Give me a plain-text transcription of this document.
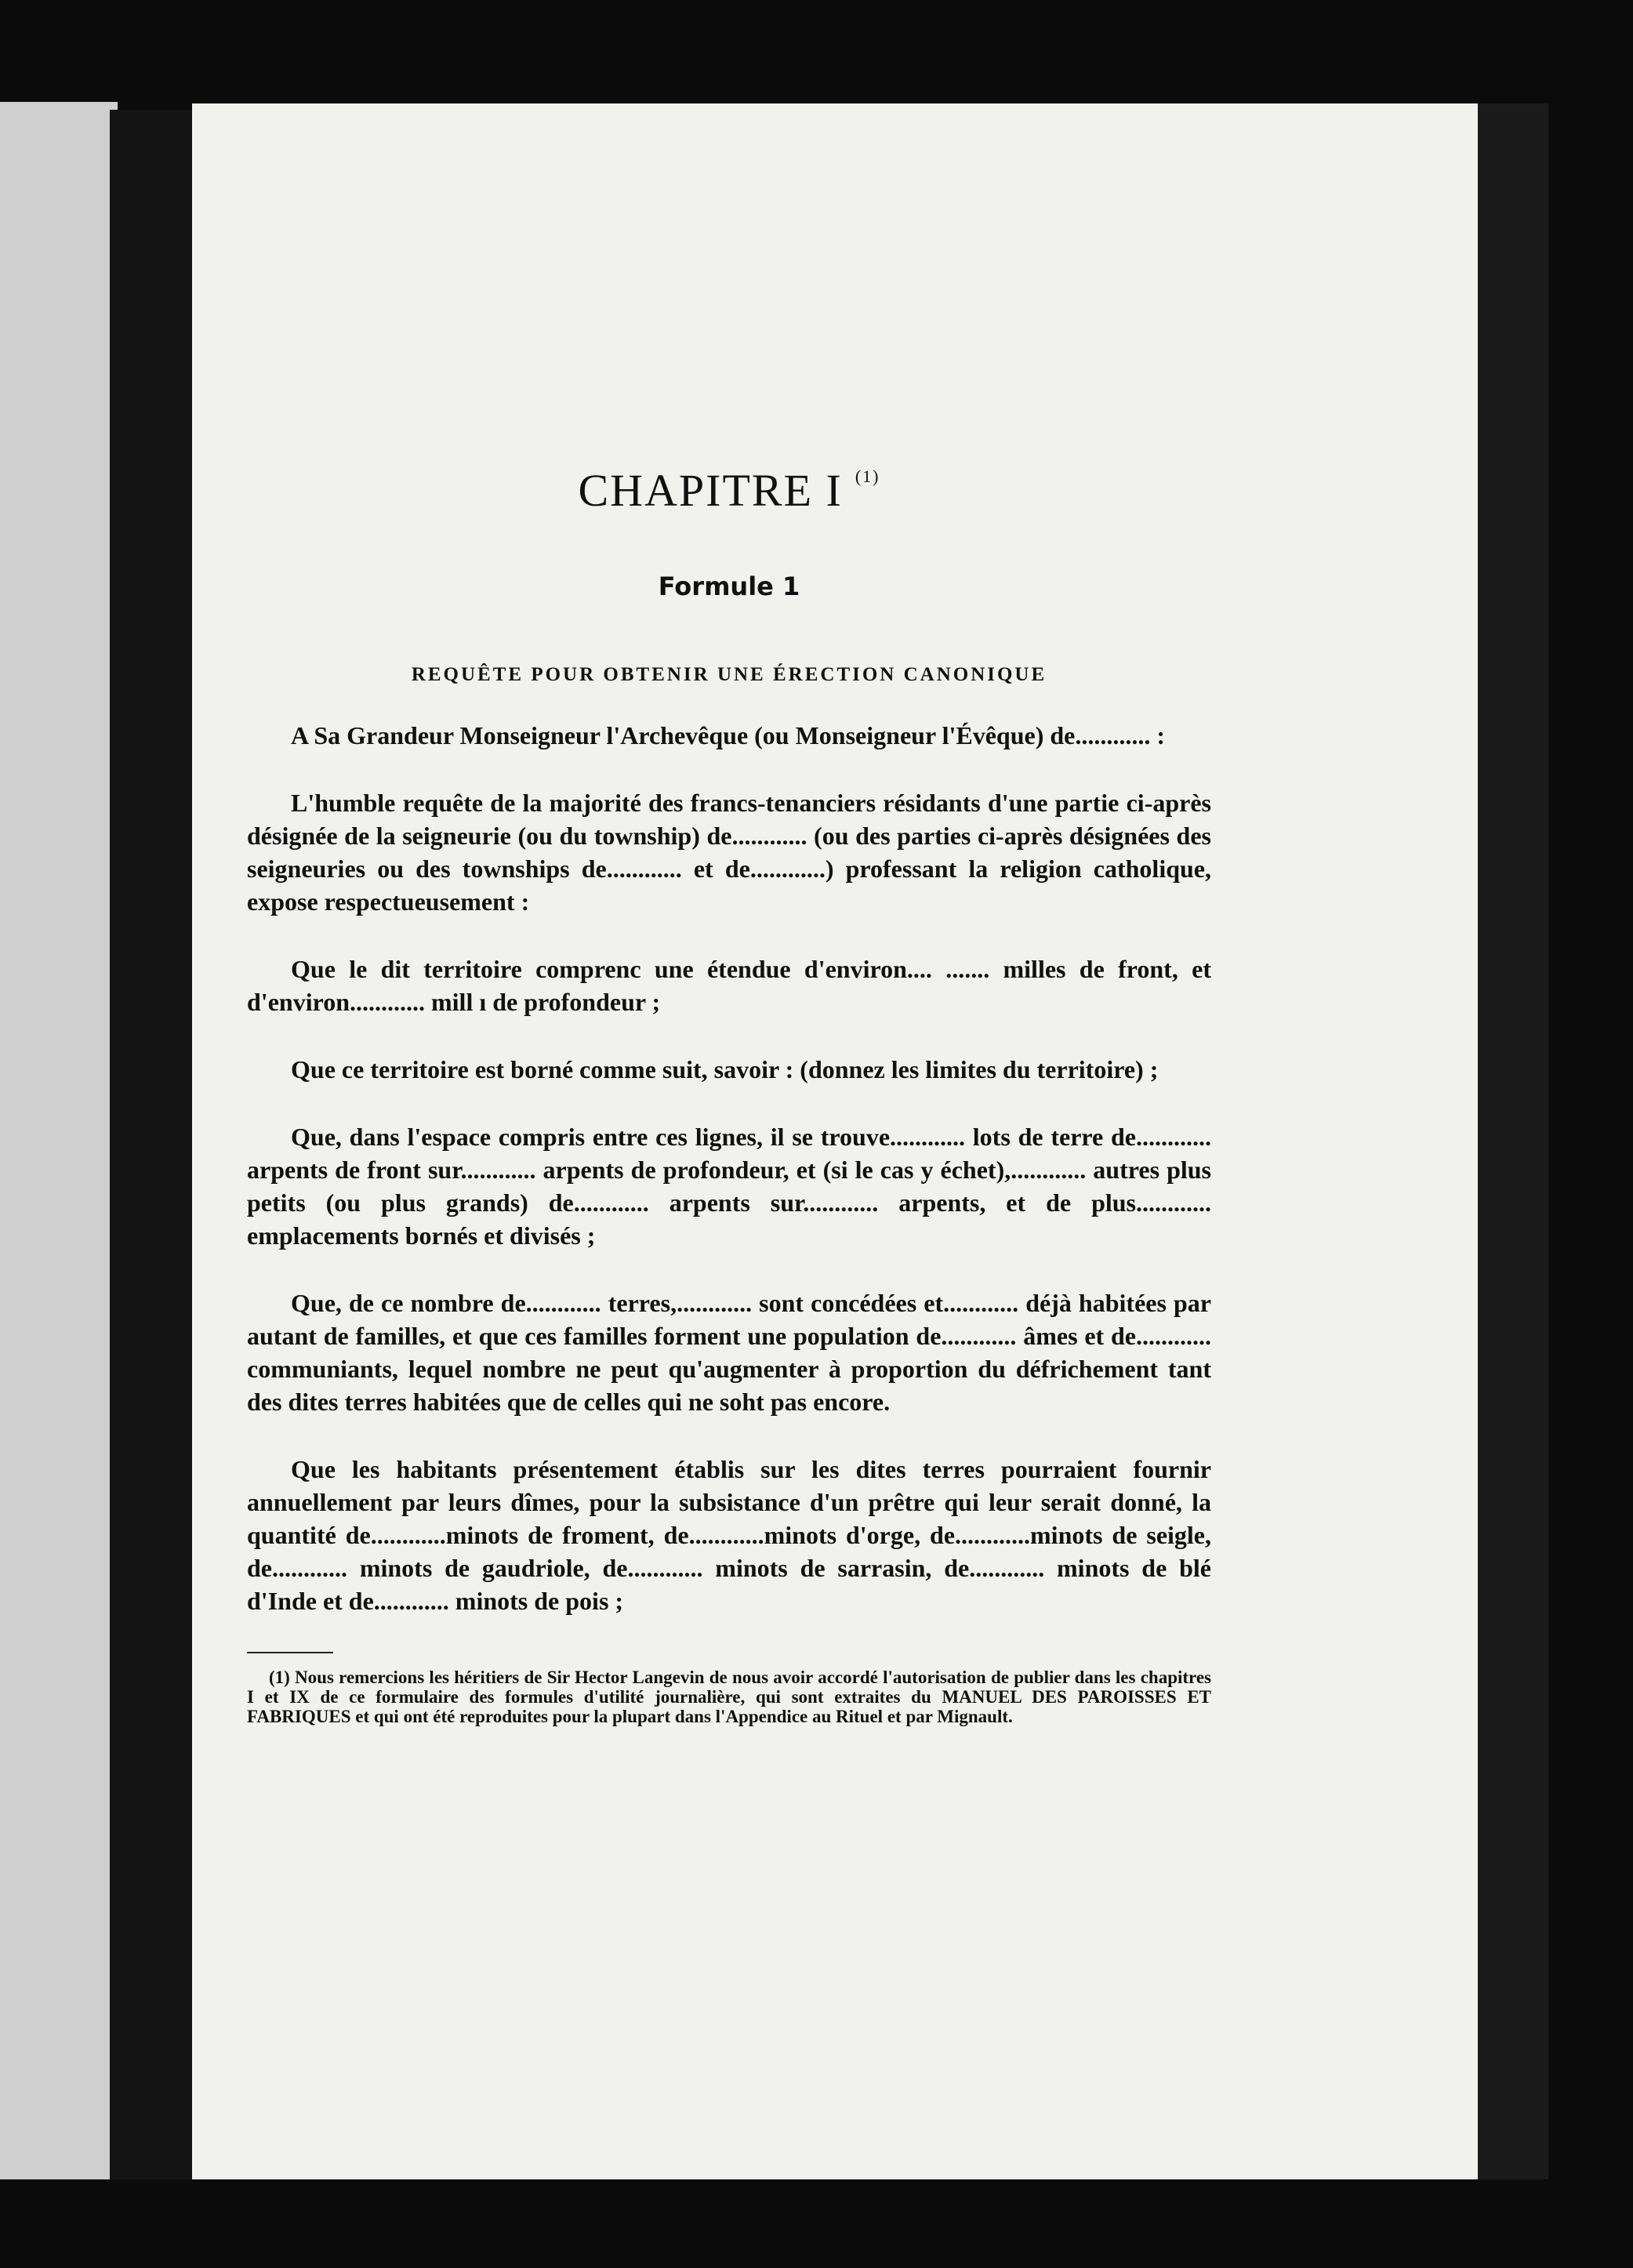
CHAPITRE I $^{(1)}$
Formule 1
REQUÊTE POUR OBTENIR UNE ÉRECTION CANONIQUE

A Sa Grandeur Monseigneur l'Archevêque (ou Monseigneur l'Évêque) de............ :

L'humble requête de la majorité des francs-tenanciers résidants d'une partie ci-après désignée de la seigneurie (ou du township) de............ (ou des parties ci-après désignées des seigneuries ou des townships de............ et de............) professant la religion catholique, expose respectueusement :

Que le dit territoire comprenc une étendue d'environ.... ....... milles de front, et d'environ............ mill ı de profondeur ;

Que ce territoire est borné comme suit, savoir : (donnez les limites du territoire) ;

Que, dans l'espace compris entre ces lignes, il se trouve............ lots de terre de............ arpents de front sur............ arpents de profondeur, et (si le cas y échet),............ autres plus petits (ou plus grands) de............ arpents sur............ arpents, et de plus............ emplacements bornés et divisés ;

Que, de ce nombre de............ terres,............ sont concédées et............ déjà habitées par autant de familles, et que ces familles forment une population de............ âmes et de............ communiants, lequel nombre ne peut qu'augmenter à proportion du défrichement tant des dites terres habitées que de celles qui ne soht pas encore.

Que les habitants présentement établis sur les dites terres pourraient fournir annuellement par leurs dîmes, pour la subsistance d'un prêtre qui leur serait donné, la quantité de............minots de froment, de............minots d'orge, de............minots de seigle, de............ minots de gaudriole, de............ minots de sarrasin, de............ minots de blé d'Inde et de............ minots de pois ;

(1) Nous remercions les héritiers de Sir Hector Langevin de nous avoir accordé l'autorisation de publier dans les chapitres I et IX de ce formulaire des formules d'utilité journalière, qui sont extraites du MANUEL DES PAROISSES ET FABRIQUES et qui ont été reproduites pour la plupart dans l'Appendice au Rituel et par Mignault.
